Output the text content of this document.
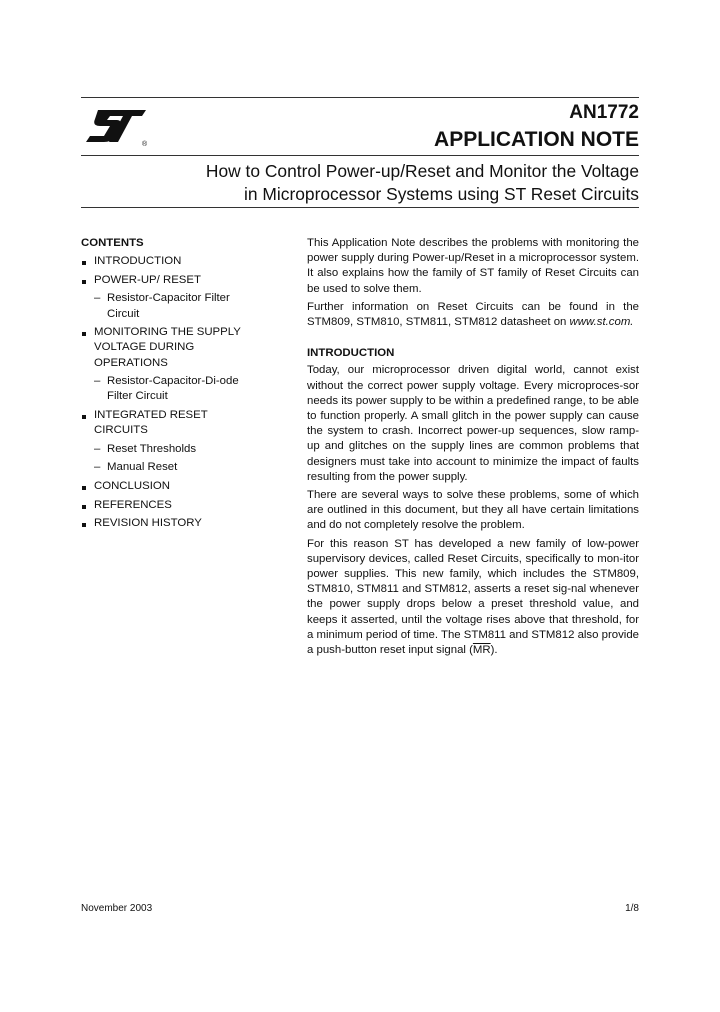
®
AN1772
APPLICATION NOTE
How to Control Power-up/Reset and Monitor the Voltage
in Microprocessor Systems using ST Reset Circuits
CONTENTS
INTRODUCTION
POWER-UP/ RESET
– Resistor-Capacitor Filter Circuit
MONITORING THE SUPPLY VOLTAGE DURING OPERATIONS
– Resistor-Capacitor-Di-ode Filter Circuit
INTEGRATED RESET CIRCUITS
– Reset Thresholds
– Manual Reset
CONCLUSION
REFERENCES
REVISION HISTORY

This Application Note describes the problems with monitoring the power supply during Power-up/Reset in a microprocessor system. It also explains how the family of ST family of Reset Circuits can be used to solve them.

Further information on Reset Circuits can be found in the STM809, STM810, STM811, STM812 datasheet on www.st.com.

INTRODUCTION

Today, our microprocessor driven digital world, cannot exist without the correct power supply voltage. Every microproces-sor needs its power supply to be within a predefined range, to be able to function properly. A small glitch in the power supply can cause the system to crash. Incorrect power-up sequences, slow ramp-up and glitches on the supply lines are common problems that designers must take into account to minimize the impact of faults resulting from the power supply.

There are several ways to solve these problems, some of which are outlined in this document, but they all have certain limitations and do not completely resolve the problem.

For this reason ST has developed a new family of low-power supervisory devices, called Reset Circuits, specifically to mon-itor power supplies. This new family, which includes the STM809, STM810, STM811 and STM812, asserts a reset sig-nal whenever the power supply drops below a preset threshold value, and keeps it asserted, until the voltage rises above that threshold, for a minimum period of time. The STM811 and STM812 also provide a push-button reset input signal $(\overline{MR})$.

November 2003	1/8
